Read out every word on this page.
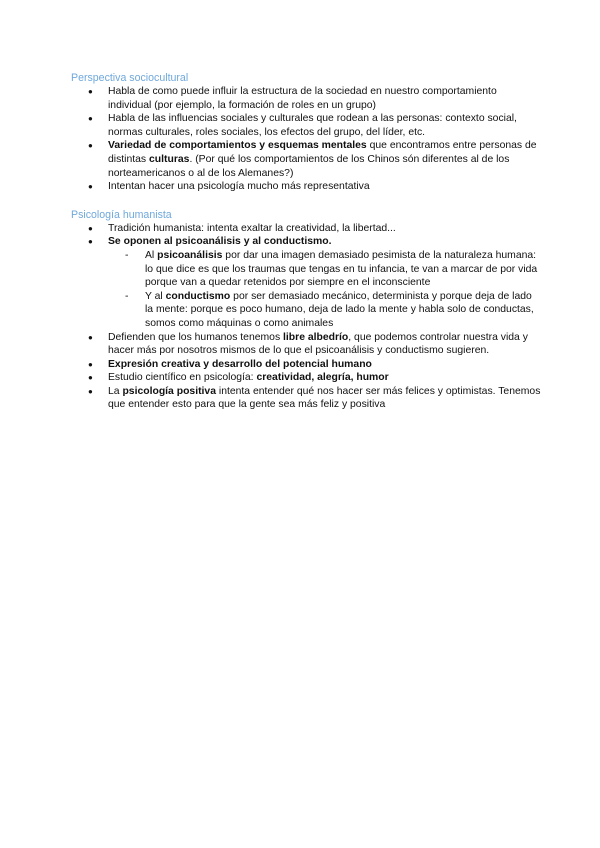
Perspectiva sociocultural
● Habla de como puede influir la estructura de la sociedad en nuestro comportamiento individual (por ejemplo, la formación de roles en un grupo)
● Habla de las influencias sociales y culturales que rodean a las personas: contexto social, normas culturales, roles sociales, los efectos del grupo, del líder, etc.
● Variedad de comportamientos y esquemas mentales que encontramos entre personas de distintas culturas. (Por qué los comportamientos de los Chinos són diferentes al de los norteamericanos o al de los Alemanes?)
● Intentan hacer una psicología mucho más representativa
Psicología humanista
● Tradición humanista: intenta exaltar la creatividad, la libertad...
● Se oponen al psicoanálisis y al conductismo.
- Al psicoanálisis por dar una imagen demasiado pesimista de la naturaleza humana: lo que dice es que los traumas que tengas en tu infancia, te van a marcar de por vida porque van a quedar retenidos por siempre en el inconsciente
- Y al conductismo por ser demasiado mecánico, determinista y porque deja de lado la mente: porque es poco humano, deja de lado la mente y habla solo de conductas, somos como máquinas o como animales
● Defienden que los humanos tenemos libre albedrío, que podemos controlar nuestra vida y hacer más por nosotros mismos de lo que el psicoanálisis y conductismo sugieren.
● Expresión creativa y desarrollo del potencial humano
● Estudio científico en psicología: creatividad, alegría, humor
● La psicología positiva intenta entender qué nos hacer ser más felices y optimistas. Tenemos que entender esto para que la gente sea más feliz y positiva
